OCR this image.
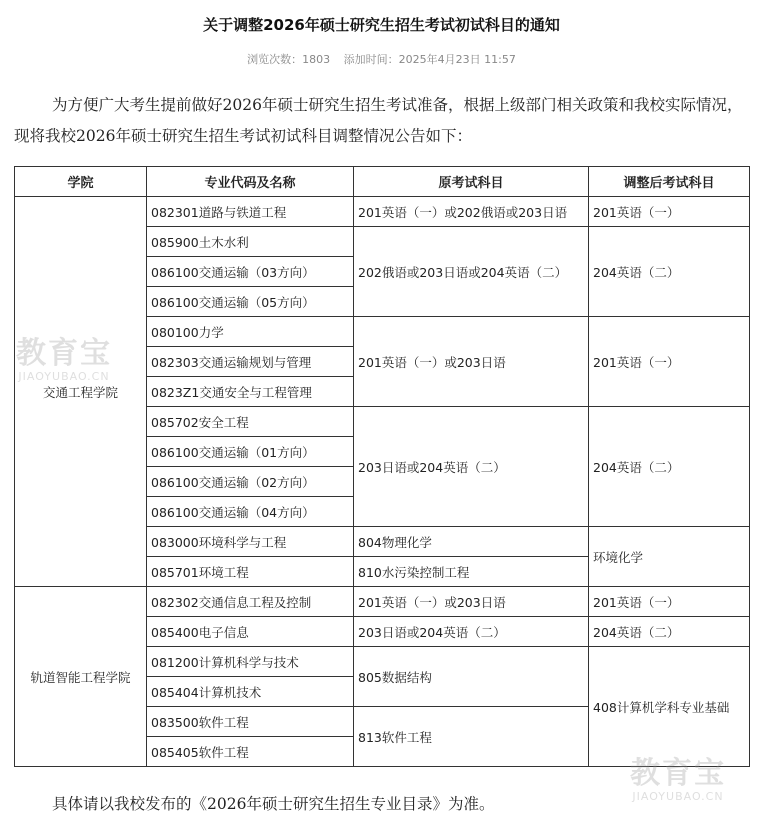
关于调整2026年硕士研究生招生考试初试科目的通知
浏览次数：1803 添加时间：2025年4月23日 11:57

为方便广大考生提前做好2026年硕士研究生招生考试准备，根据上级部门相关政策和我校实际情况，现将我校2026年硕士研究生招生考试初试科目调整情况公告如下：

学院	专业代码及名称	原考试科目	调整后考试科目
交通工程学院	082301道路与铁道工程	201英语（一）或202俄语或203日语	201英语（一）
	085900土木水利	202俄语或203日语或204英语（二）	204英语（二）
	086100交通运输（03方向）		
	086100交通运输（05方向）		
	080100力学	201英语（一）或203日语	201英语（一）
	082303交通运输规划与管理		
	0823Z1交通安全与工程管理		
	085702安全工程	203日语或204英语（二）	204英语（二）
	086100交通运输（01方向）		
	086100交通运输（02方向）		
	086100交通运输（04方向）		
	083000环境科学与工程	804物理化学	环境化学
	085701环境工程	810水污染控制工程	
轨道智能工程学院	082302交通信息工程及控制	201英语（一）或203日语	201英语（一）
	085400电子信息	203日语或204英语（二）	204英语（二）
	081200计算机科学与技术	805数据结构	408计算机学科专业基础
	085404计算机技术		
	083500软件工程	813软件工程	
	085405软件工程		
教育宝
JIAOYUBAO.CN
教育宝
JIAOYUBAO.CN

具体请以我校发布的《2026年硕士研究生招生专业目录》为准。
